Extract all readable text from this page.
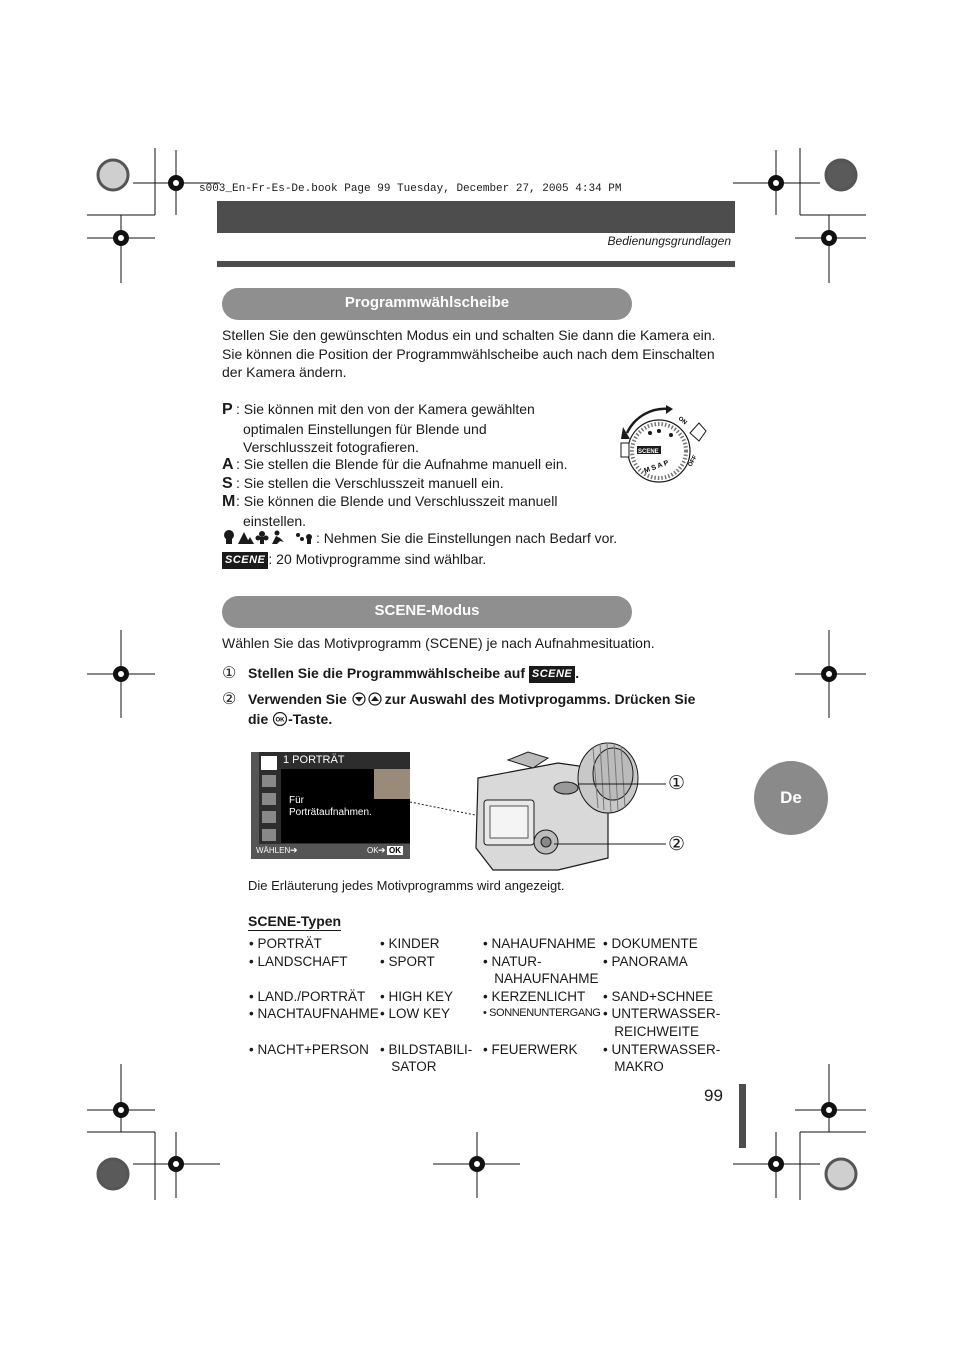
s003_En-Fr-Es-De.book Page 99 Tuesday, December 27, 2005 4:34 PM
Bedienungsgrundlagen
Programmwählscheibe
Stellen Sie den gewünschten Modus ein und schalten Sie dann die Kamera ein. Sie können die Position der Programmwählscheibe auch nach dem Einschalten der Kamera ändern.
P : Sie können mit den von der Kamera gewählten
optimalen Einstellungen für Blende und
Verschlusszeit fotografieren.
A : Sie stellen die Blende für die Aufnahme manuell ein.
S : Sie stellen die Verschlusszeit manuell ein.
M: Sie können die Blende und Verschlusszeit manuell
einstellen.
: Nehmen Sie die Einstellungen nach Bedarf vor.
SCENE : 20 Motivprogramme sind wählbar.
ON
OFF
SCENE
M S A P
SCENE-Modus
Wählen Sie das Motivprogramm (SCENE) je nach Aufnahmesituation.
① Stellen Sie die Programmwählscheibe auf SCENE .
② Verwenden Sie	zur Auswahl des Motivprogamms. Drücken Sie
die OK -Taste.
1 PORTRÄT
Für
Porträtaufnahmen.
WÄHLEN ➔	OK ➔ OK
①
②
Die Erläuterung jedes Motivprogramms wird angezeigt.
SCENE-Typen
• PORTRÄT
• LANDSCHAFT
• LAND./PORTRÄT
• NACHTAUFNAHME
• NACHT+PERSON
• KINDER
• SPORT
• HIGH KEY
• LOW KEY
• BILDSTABILI-
SATOR
• NAHAUFNAHME
• NATUR-
NAHAUFNAHME
• KERZENLICHT
• SONNENUNTERGANG
• FEUERWERK
• DOKUMENTE
• PANORAMA
• SAND+SCHNEE
• UNTERWASSER-
REICHWEITE
• UNTERWASSER-
MAKRO
De
99
